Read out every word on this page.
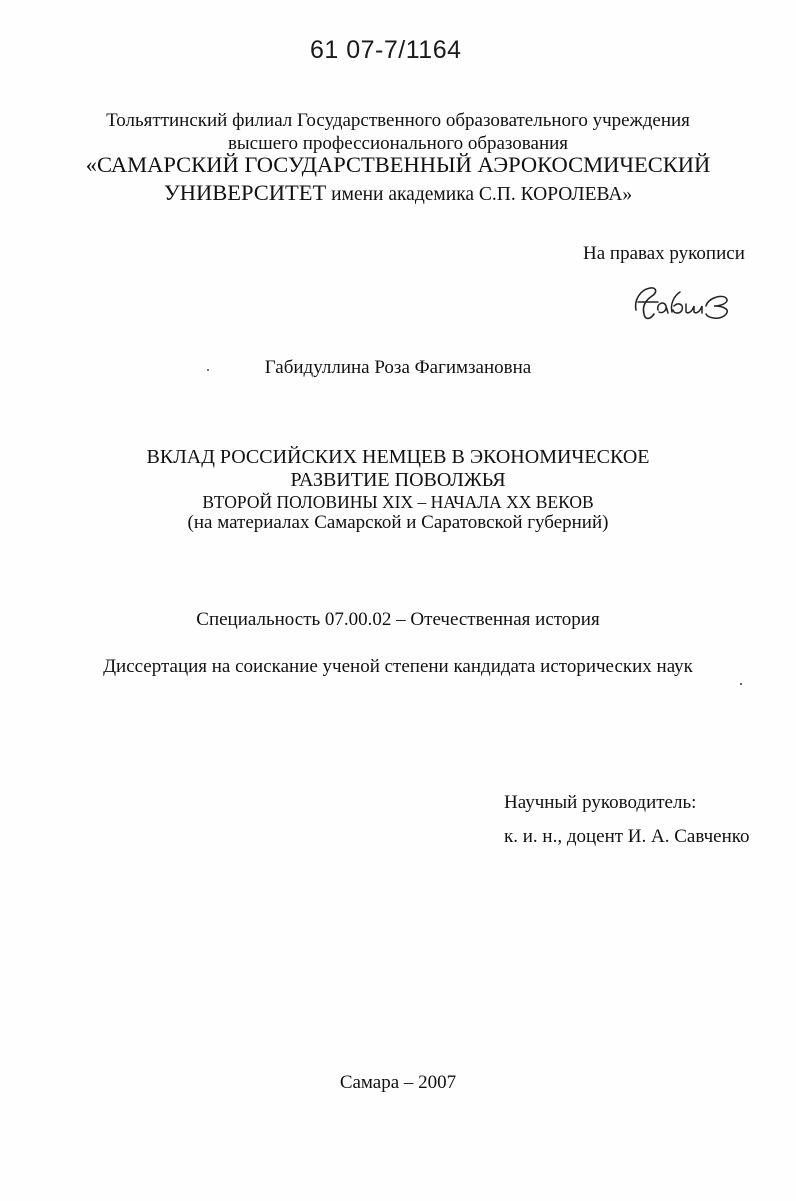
61 07-7/1164
Тольяттинский филиал Государственного образовательного учреждения
высшего профессионального образования
«САМАРСКИЙ ГОСУДАРСТВЕННЫЙ АЭРОКОСМИЧЕСКИЙ
УНИВЕРСИТЕТ имени академика С.П. КОРОЛЕВА»
На правах рукописи
Габидуллина Роза Фагимзановна
ВКЛАД РОССИЙСКИХ НЕМЦЕВ В ЭКОНОМИЧЕСКОЕ
РАЗВИТИЕ ПОВОЛЖЬЯ
ВТОРОЙ ПОЛОВИНЫ XIX – НАЧАЛА XX ВЕКОВ
(на материалах Самарской и Саратовской губерний)
Специальность 07.00.02 – Отечественная история
Диссертация на соискание ученой степени кандидата исторических наук
Научный руководитель:
к. и. н., доцент И. А. Савченко
Самара – 2007
